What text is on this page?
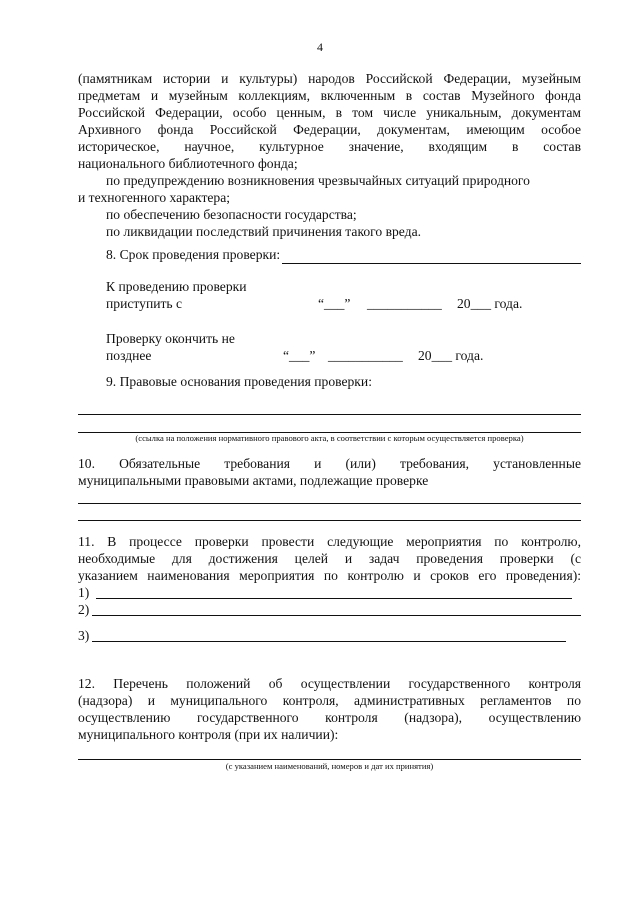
4
(памятникам истории и культуры) народов Российской Федерации, музейным
предметам и музейным коллекциям, включенным в состав Музейного фонда
Российской Федерации, особо ценным, в том числе уникальным, документам
Архивного фонда Российской Федерации, документам, имеющим особое
историческое, научное, культурное значение, входящим в состав
национального библиотечного фонда;
по предупреждению возникновения чрезвычайных ситуаций природного
и техногенного характера;
по обеспечению безопасности государства;
по ликвидации последствий причинения такого вреда.
8. Срок проведения проверки:
К проведению проверки
приступить с	“___” ___________ 20___ года.
Проверку окончить не
позднее	“___” ___________ 20___ года.
9. Правовые основания проведения проверки:
(ссылка на положения нормативного правового акта, в соответствии с которым осуществляется проверка)
10. Обязательные требования и (или) требования, установленные
муниципальными правовыми актами, подлежащие проверке
11. В процессе проверки провести следующие мероприятия по контролю,
необходимые для достижения целей и задач проведения проверки (с
указанием наименования мероприятия по контролю и сроков его проведения):
1)
2)
3)
12. Перечень положений об осуществлении государственного контроля
(надзора) и муниципального контроля, административных регламентов по
осуществлению государственного контроля (надзора), осуществлению
муниципального контроля (при их наличии):
(с указанием наименований, номеров и дат их принятия)
